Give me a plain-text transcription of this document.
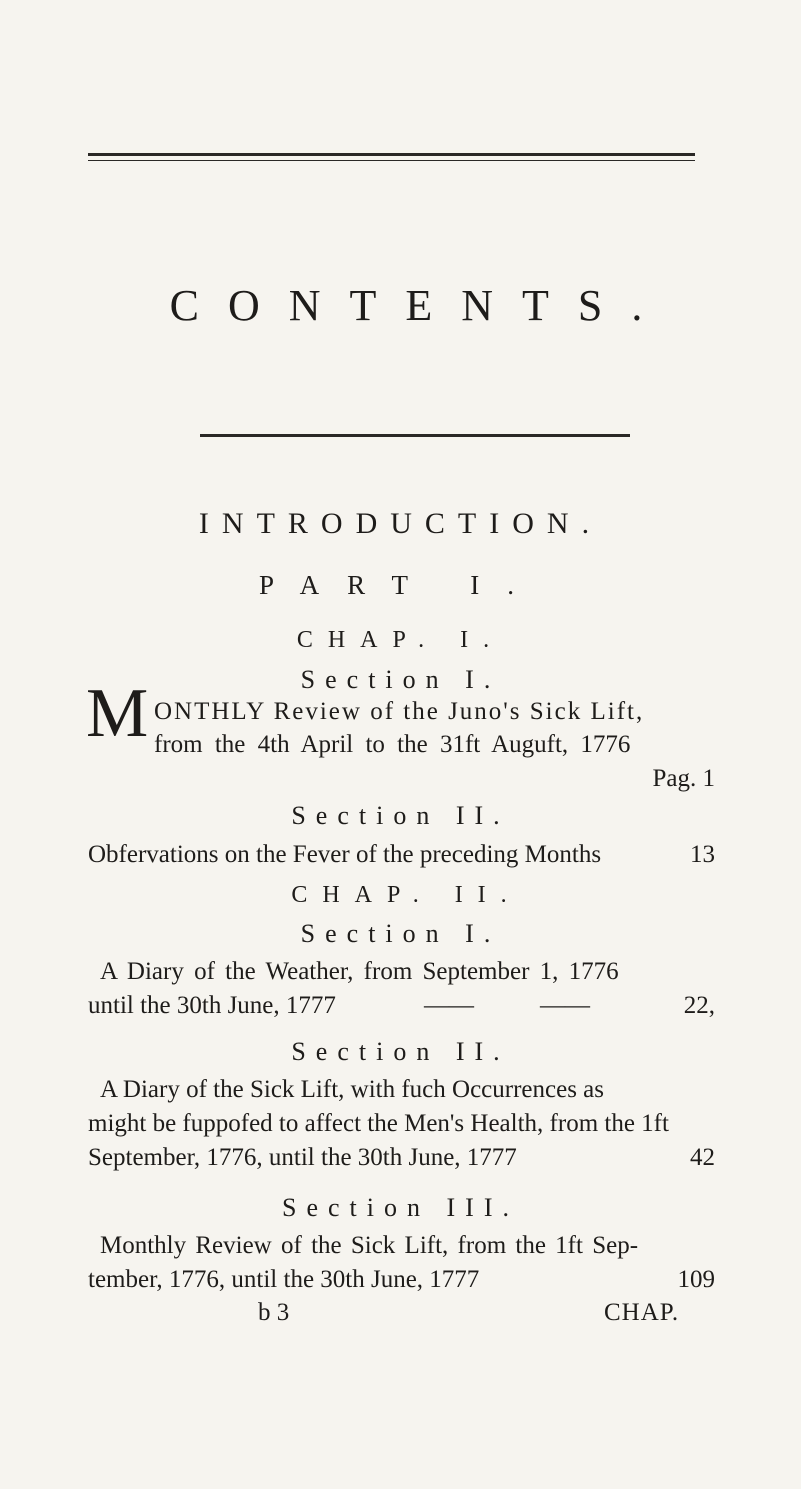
CONTENTS.
INTRODUCTION.
PART I.
CHAP. I.
Section I.
M ONTHLY Review of the Juno's Sick Lift,
from the 4th April to the 31ft Auguft, 1776
Pag. 1
Section II.
Obfervations on the Fever of the preceding Months	13
CHAP. II.
Section I.
A Diary of the Weather, from September 1, 1776
until the 30th June, 1777	——	——	22,
Section II.
A Diary of the Sick Lift, with fuch Occurrences as
might be fuppofed to affect the Men's Health, from the 1ft
September, 1776, until the 30th June, 1777	42
Section III.
Monthly Review of the Sick Lift, from the 1ft Sep-
tember, 1776, until the 30th June, 1777	109
b 3	CHAP.
